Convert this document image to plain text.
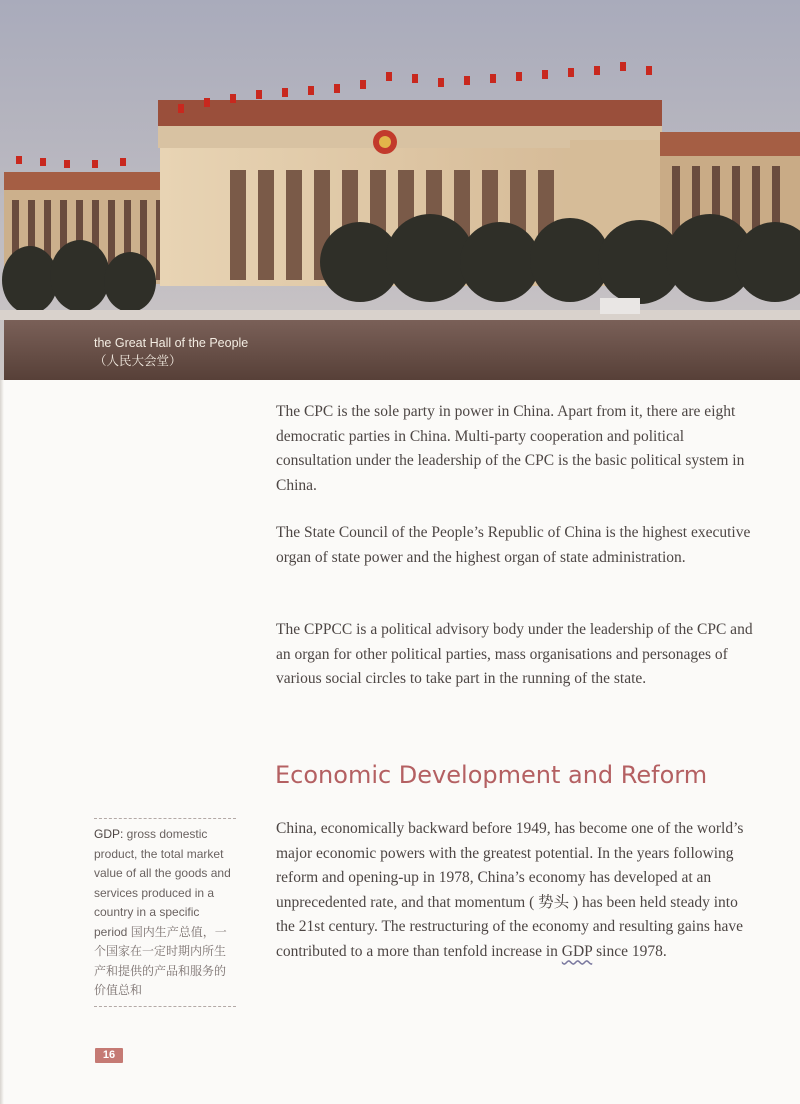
the Great Hall of the People
（人民大会堂）

The CPC is the sole party in power in China. Apart from it, there are eight democratic parties in China. Multi-party cooperation and political consultation under the leadership of the CPC is the basic political system in China.

The State Council of the People’s Republic of China is the highest executive organ of state power and the highest organ of state administration.

The CPPCC is a political advisory body under the leadership of the CPC and an organ for other political parties, mass organisations and personages of various social circles to take part in the running of the state.

Economic Development and Reform

China, economically backward before 1949, has become one of the world’s major economic powers with the greatest potential. In the years following reform and opening-up in 1978, China’s economy has developed at an unprecedented rate, and that momentum ( 势头 ) has been held steady into the 21st century. The restructuring of the economy and resulting gains have contributed to a more than tenfold increase in GDP since 1978.

GDP: gross domestic product, the total market value of all the goods and services produced in a country in a specific period 国内生产总值，一个国家在一定时期内所生产和提供的产品和服务的价值总和
16
